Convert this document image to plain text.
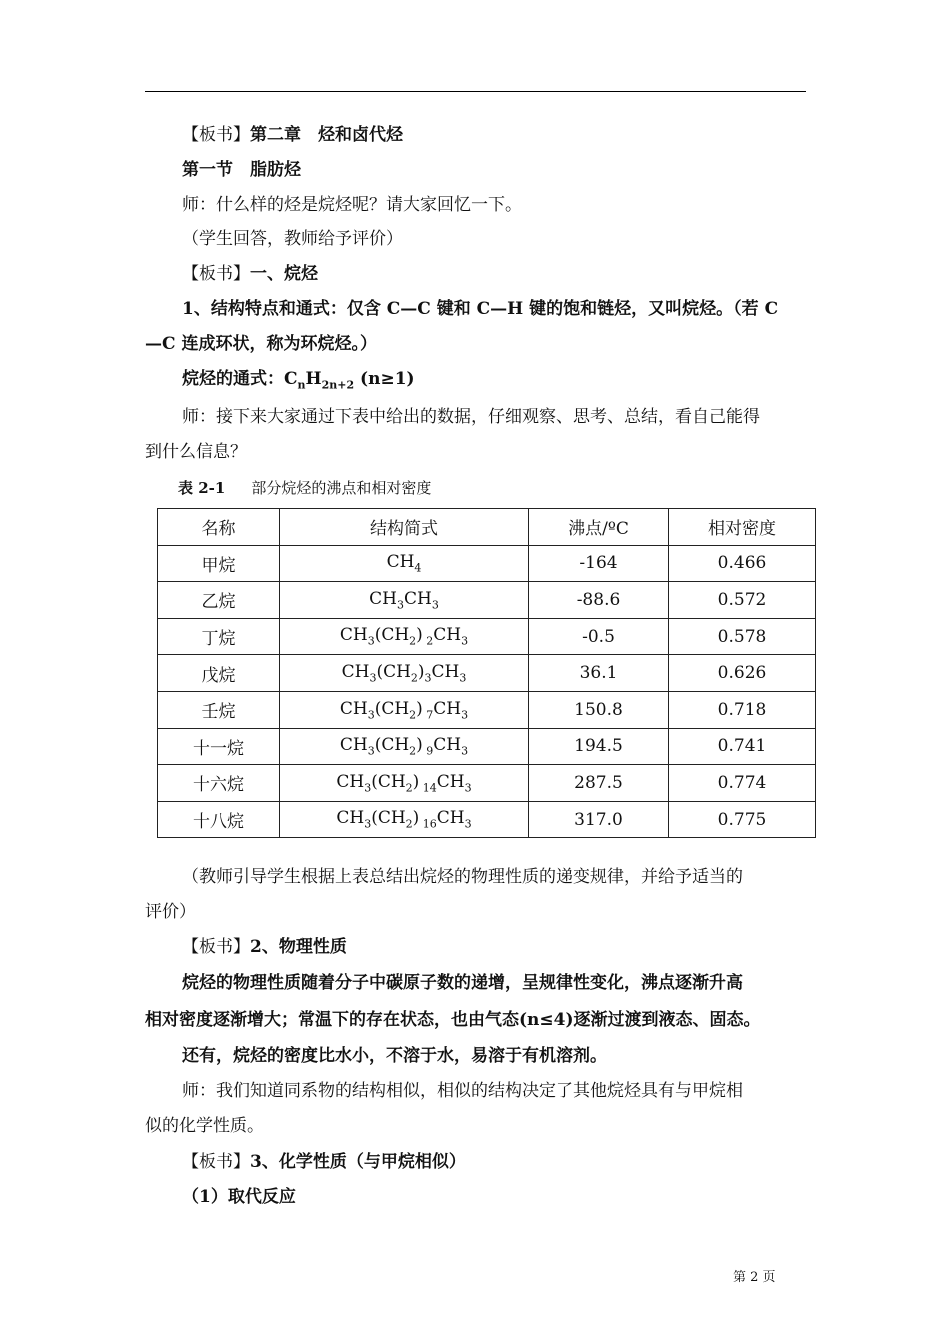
【板书】第二章　烃和卤代烃
第一节　脂肪烃
师：什么样的烃是烷烃呢？请大家回忆一下。
（学生回答，教师给予评价）
【板书】一、烷烃
1、结构特点和通式：仅含 C—C 键和 C—H 键的饱和链烃，又叫烷烃。（若 C
—C 连成环状，称为环烷烃。）
烷烃的通式：$C_nH_{2n+2}$ (n≥1)
师：接下来大家通过下表中给出的数据，仔细观察、思考、总结，看自己能得
到什么信息？
表 2-1 部分烷烃的沸点和相对密度
名称	结构简式	沸点/ºC	相对密度
甲烷	$CH_4$	-164	0.466
乙烷	$CH_3CH_3$	-88.6	0.572
丁烷	$CH_3(CH_2)$ $_2CH_3$	-0.5	0.578
戊烷	$CH_3(CH_2)_3CH_3$	36.1	0.626
壬烷	$CH_3(CH_2)$ $_7CH_3$	150.8	0.718
十一烷	$CH_3(CH_2)$ $_9CH_3$	194.5	0.741
十六烷	$CH_3(CH_2)$ $_{14}CH_3$	287.5	0.774
十八烷	$CH_3(CH_2)$ $_{16}CH_3$	317.0	0.775
（教师引导学生根据上表总结出烷烃的物理性质的递变规律，并给予适当的
评价）
【板书】2、物理性质
烷烃的物理性质随着分子中碳原子数的递增，呈规律性变化，沸点逐渐升高
相对密度逐渐增大；常温下的存在状态，也由气态(n≤4)逐渐过渡到液态、固态。
还有，烷烃的密度比水小，不溶于水，易溶于有机溶剂。
师：我们知道同系物的结构相似，相似的结构决定了其他烷烃具有与甲烷相
似的化学性质。
【板书】3、化学性质（与甲烷相似）
（1）取代反应
第 2 页
